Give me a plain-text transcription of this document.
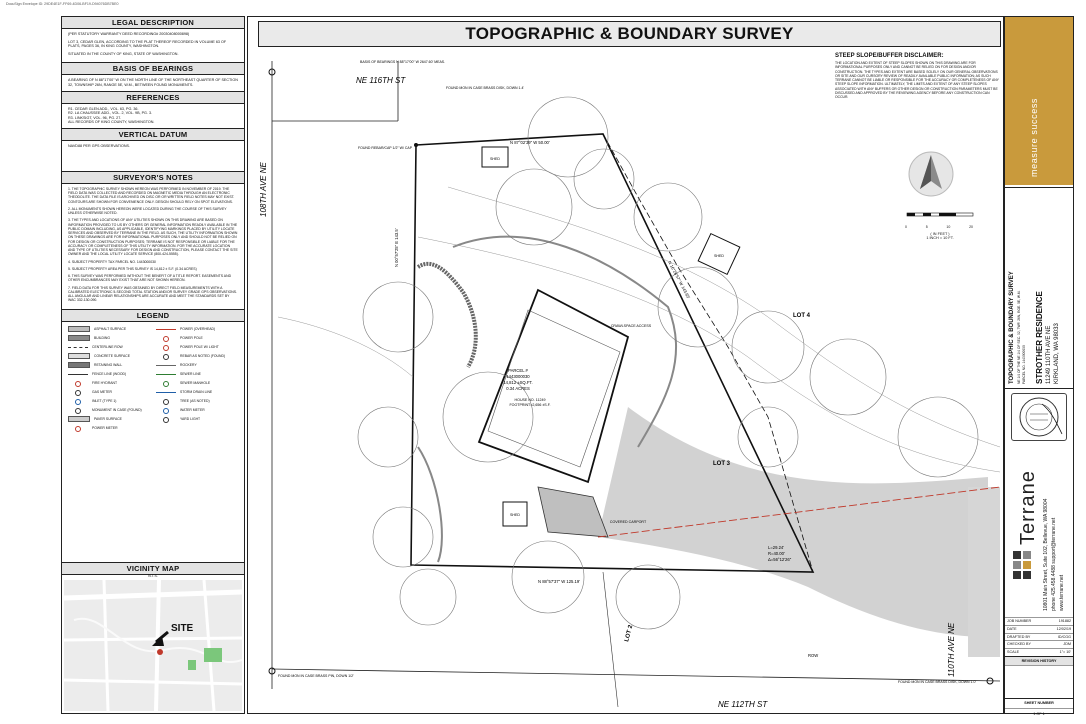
DocuSign Envelope ID: 29DE4E1F-FF69-4D06-BF19-D94076DB7BE0
LEGAL DESCRIPTION

(PER STATUTORY WARRANTY DEED RECORDING# 20030408000898)

LOT 3, CEDAR GLEN, ACCORDING TO THE PLAT THEREOF RECORDED IN VOLUME 63 OF PLATS, PAGES 36, IN KING COUNTY, WASHINGTON.

SITUATED IN THE COUNTY OF KING, STATE OF WASHINGTON.

BASIS OF BEARINGS
A BEARING OF N 88°17'00" W ON THE NORTH LINE OF THE NORTHEAST QUARTER OF SECTION 32, TOWNSHIP 26N, RANGE 5E, W.M., BETWEEN FOUND MONUMENTS.
REFERENCES
R1. CEDAR GLEN ADD., VOL. 63, PG. 36.
R2. LA CHAUSSEE ADD., VOL. 2, VOL. 9B, PG. 3.
R3. LINKSIGT, VOL. 96, PG. 27.
ALL RECORDS OF KING COUNTY, WASHINGTON.
VERTICAL DATUM
NAVD88 PER GPS OBSERVATIONS.
SURVEYOR'S NOTES
1. THE TOPOGRAPHIC SURVEY SHOWN HEREON WAS PERFORMED IN NOVEMBER OF 2019. THE FIELD DATA WAS COLLECTED AND RECORDED ON MAGNETIC MEDIA THROUGH AN ELECTRONIC THEODOLITE. THE DATA FILE IS ARCHIVED ON DISC OR OR WRITTEN FIELD NOTES MAY NOT EXIST. CONTOURS ARE SHOWN FOR CONVENIENCE ONLY. DESIGN SHOULD RELY ON SPOT ELEVATIONS.
2. ALL MONUMENTS SHOWN HEREON WERE LOCATED DURING THE COURSE OF THIS SURVEY UNLESS OTHERWISE NOTED.
3. THE TYPES AND LOCATIONS OF ANY UTILITIES SHOWN ON THIS DRAWING ARE BASED ON INFORMATION PROVIDED TO US BY OTHERS OR GENERAL INFORMATION READILY AVAILABLE IN THE PUBLIC DOMAIN INCLUDING, AS APPLICABLE, IDENTIFYING MARKINGS PLACED BY UTILITY LOCATE SERVICES AND OBSERVED BY TERRANE IN THE FIELD. AS SUCH, THE UTILITY INFORMATION SHOWN ON THESE DRAWINGS ARE FOR INFORMATIONAL PURPOSES ONLY AND SHOULD NOT BE RELIED ON FOR DESIGN OR CONSTRUCTION PURPOSES; TERRANE IS NOT RESPONSIBLE OR LIABLE FOR THE ACCURACY OR COMPLETENESS OF THIS UTILITY INFORMATION. FOR THE ACCURATE LOCATION AND TYPE OF UTILITIES NECESSARY FOR DESIGN AND CONSTRUCTION, PLEASE CONTACT THE SITE OWNER AND THE LOCAL UTILITY LOCATE SERVICE (800-424-5555).
4. SUBJECT PROPERTY TAX PARCEL NO. 1443000030
5. SUBJECT PROPERTY AREA PER THIS SURVEY IS 14,812 ± S.F. (0.34 ACRES)
6. THIS SURVEY WAS PERFORMED WITHOUT THE BENEFIT OF A TITLE REPORT. EASEMENTS AND OTHER ENCUMBRANCES MAY EXIST THAT ARE NOT SHOWN HEREON.
7. FIELD DATA FOR THIS SURVEY WAS OBTAINED BY DIRECT FIELD MEASUREMENTS WITH A CALIBRATED ELECTRONIC 5-SECOND TOTAL STATION AND/OR SURVEY GRADE GPS OBSERVATIONS. ALL ANGULAR AND LINEAR RELATIONSHIPS ARE ACCURATE AND MEET THE STANDARDS SET BY WAC 332-130-090.
LEGEND
ASPHALT SURFACE	POWER (OVERHEAD)
BUILDING	POWER POLE
CENTERLINE ROW	POWER POLE W/ LIGHT
CONCRETE SURFACE	REBAR AS NOTED (FOUND)
RETAINING WALL	ROCKERY
FENCE LINE (WOOD)	SEWER LINE
FIRE HYDRANT	SEWER MANHOLE
GAS METER	STORM DRAIN LINE
INLET (TYPE 1)	TREE (AS NOTED)
MONUMENT IN CASE (FOUND)	WATER METER
PAVER SURFACE	YARD LIGHT
POWER METER
VICINITY MAP
N.T.S.
SITE
TOPOGRAPHIC & BOUNDARY SURVEY
STEEP SLOPE/BUFFER DISCLAIMER:
THE LOCATION AND EXTENT OF STEEP SLOPES SHOWN ON THIS DRAWING ARE FOR INFORMATIONAL PURPOSES ONLY AND CANNOT BE RELIED ON FOR DESIGN AND/OR CONSTRUCTION. THE TYPES AND EXTENT ARE BASED SOLELY ON OUR GENERAL OBSERVATIONS OR SITE AND OUR CURSORY REVIEW OF READILY AVAILABLE PUBLIC INFORMATION; AS SUCH TERRANE CANNOT BE LIABLE OR RESPONSIBLE FOR THE ACCURACY OR COMPLETENESS OF ANY STEEP SLOPE INFORMATION. ULTIMATELY, THE LIMITS AND EXTENT OF ANY STEEP SLOPES ASSOCIATED WITH ANY BUFFERS OR OTHER DESIGN OR CONSTRUCTION PARAMETERS MUST BE DISCUSSED AND APPROVED BY THE REVIEWING AGENCY BEFORE ANY CONSTRUCTION CAN OCCUR.
0	5	10	20
( IN FEET )
1 INCH = 10 FT.
NE 116TH ST
NE 112TH ST
108TH AVE NE
110TH AVE NE
PARCEL #
1443000030
14,812 ±SQ.FT.
0.34 ACRES
HOUSE NO. 11249
FOOTPRINT=2,656 ±S.F.
LOT 3
LOT 2
LOT 4
COVERED CARPORT
SHED
SHED
SHED
CRAWLSPACE ACCESS
L=29.24'
R=40.00'
Δ=56°12'26"
N 88°57'37" W 125.19'
N 87°02'39" W 50.00'
N 00°57'25" E 143.5'
N 16°26'57" W 143.65'
ROW
FOUND MON IN CASE BRASS DISK, DOWN 1.4'
FOUND REBAR/CAP 1/2" W/ CAP
FOUND MON IN CASE BRASS PIN, DOWN 1/2'
FOUND MON IN CASE BRASS DISK, DOWN 1.0'
BASIS OF BEARINGS N 88°17'00" W 2647.60' MEAS.
measure success
TOPOGRAPHIC & BOUNDARY SURVEY NE 1/4 OF THE NE 1/4 OF SEC. 32, TWP. 26N, RGE. 5E, W.M. PARCEL NO. 1443000030 STROTHER RESIDENCE 11249 110TH AVE NE KIRKLAND, WA 98033
Terrane 10801 Main Street, Suite 102, Bellevue, WA 98004 phone 425.458.4488 support@terrane.net www.terrane.net
JOB NUMBER	191882
DATE	12/02/19
DRAFTED BY	ID/CGG
CHECKED BY	JDM
SCALE	1"= 10'
REVISION HISTORY
SHEET NUMBER
1 OF 1
